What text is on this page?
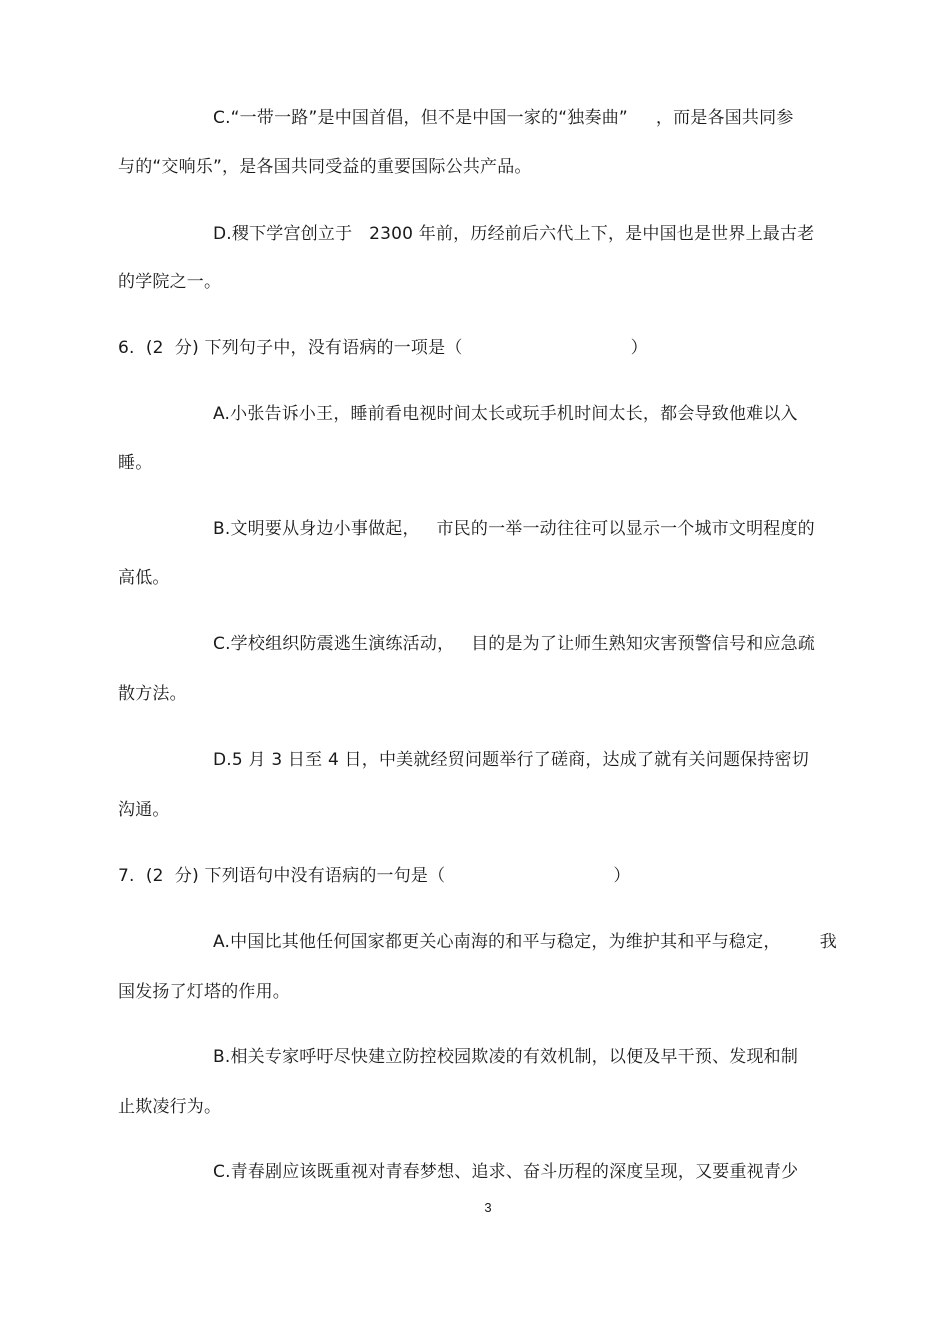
C.“一带一路”是中国首倡，但不是中国一家的“独奏曲”     ，而是各国共同参
与的“交响乐”，是各国共同受益的重要国际公共产品。
D.稷下学宫创立于   2300 年前，历经前后六代上下，是中国也是世界上最古老
的学院之一。
6.  (2  分) 下列句子中，没有语病的一项是（                              ）
A.小张告诉小王，睡前看电视时间太长或玩手机时间太长，都会导致他难以入
睡。
B.文明要从身边小事做起，   市民的一举一动往往可以显示一个城市文明程度的
高低。
C.学校组织防震逃生演练活动，   目的是为了让师生熟知灾害预警信号和应急疏
散方法。
D.5 月 3 日至 4 日，中美就经贸问题举行了磋商，达成了就有关问题保持密切
沟通。
7.  (2  分) 下列语句中没有语病的一句是（                              ）
A.中国比其他任何国家都更关心南海的和平与稳定，为维护其和平与稳定，       我
国发扬了灯塔的作用。
B.相关专家呼吁尽快建立防控校园欺凌的有效机制，以便及早干预、发现和制
止欺凌行为。
C.青春剧应该既重视对青春梦想、追求、奋斗历程的深度呈现，又要重视青少
3
